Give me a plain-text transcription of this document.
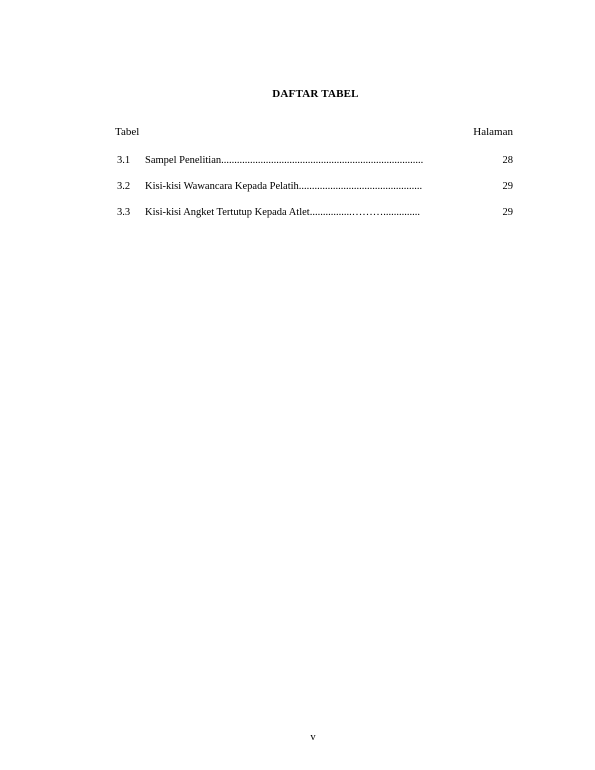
DAFTAR TABEL
Tabel	Halaman
3.1 Sampel Penelitian.............................................................................	28
3.2 Kisi-kisi Wawancara Kepada Pelatih...............................................	29
3.3 Kisi-kisi Angket Tertutup Kepada Atlet................………..............	29
v
